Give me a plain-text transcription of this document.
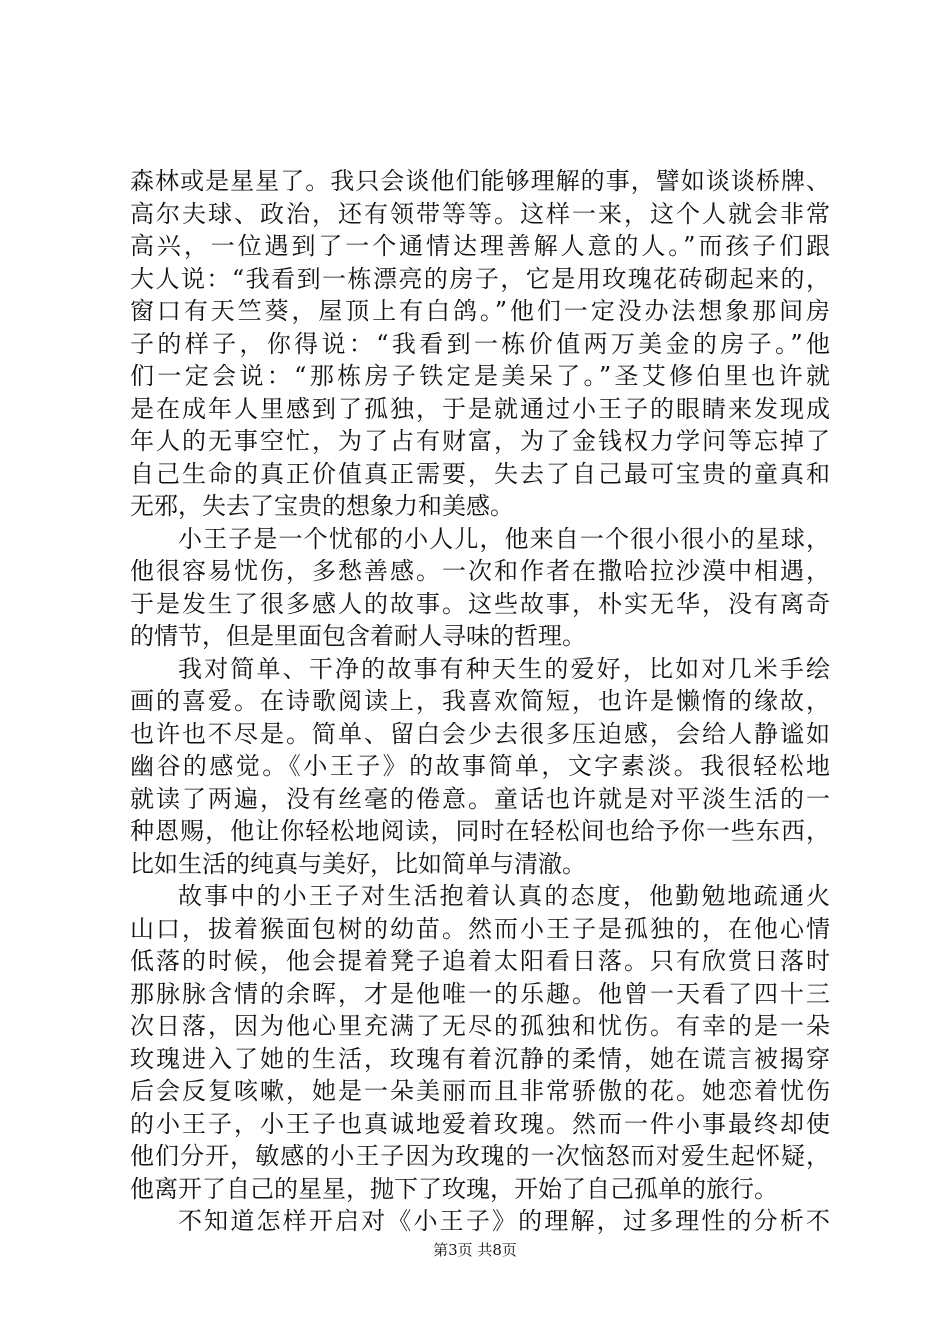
森林或是星星了。我只会谈他们能够理解的事，譬如谈谈桥牌、
高尔夫球、政治，还有领带等等。这样一来，这个人就会非常
高兴，一位遇到了一个通情达理善解人意的人。”而孩子们跟
大人说：“我看到一栋漂亮的房子，它是用玫瑰花砖砌起来的，
窗口有天竺葵，屋顶上有白鸽。”他们一定没办法想象那间房
子的样子，你得说：“我看到一栋价值两万美金的房子。”他
们一定会说：“那栋房子铁定是美呆了。”圣艾修伯里也许就
是在成年人里感到了孤独，于是就通过小王子的眼睛来发现成
年人的无事空忙，为了占有财富，为了金钱权力学问等忘掉了
自己生命的真正价值真正需要，失去了自己最可宝贵的童真和
无邪，失去了宝贵的想象力和美感。
小王子是一个忧郁的小人儿，他来自一个很小很小的星球，
他很容易忧伤，多愁善感。一次和作者在撒哈拉沙漠中相遇，
于是发生了很多感人的故事。这些故事，朴实无华，没有离奇
的情节，但是里面包含着耐人寻味的哲理。
我对简单、干净的故事有种天生的爱好，比如对几米手绘
画的喜爱。在诗歌阅读上，我喜欢简短，也许是懒惰的缘故，
也许也不尽是。简单、留白会少去很多压迫感，会给人静谧如
幽谷的感觉。《小王子》的故事简单，文字素淡。我很轻松地
就读了两遍，没有丝毫的倦意。童话也许就是对平淡生活的一
种恩赐，他让你轻松地阅读，同时在轻松间也给予你一些东西，
比如生活的纯真与美好，比如简单与清澈。
故事中的小王子对生活抱着认真的态度，他勤勉地疏通火
山口，拔着猴面包树的幼苗。然而小王子是孤独的，在他心情
低落的时候，他会提着凳子追着太阳看日落。只有欣赏日落时
那脉脉含情的余晖，才是他唯一的乐趣。他曾一天看了四十三
次日落，因为他心里充满了无尽的孤独和忧伤。有幸的是一朵
玫瑰进入了她的生活，玫瑰有着沉静的柔情，她在谎言被揭穿
后会反复咳嗽，她是一朵美丽而且非常骄傲的花。她恋着忧伤
的小王子，小王子也真诚地爱着玫瑰。然而一件小事最终却使
他们分开，敏感的小王子因为玫瑰的一次恼怒而对爱生起怀疑，
他离开了自己的星星，抛下了玫瑰，开始了自己孤单的旅行。
不知道怎样开启对《小王子》的理解，过多理性的分析不
第3页 共8页
